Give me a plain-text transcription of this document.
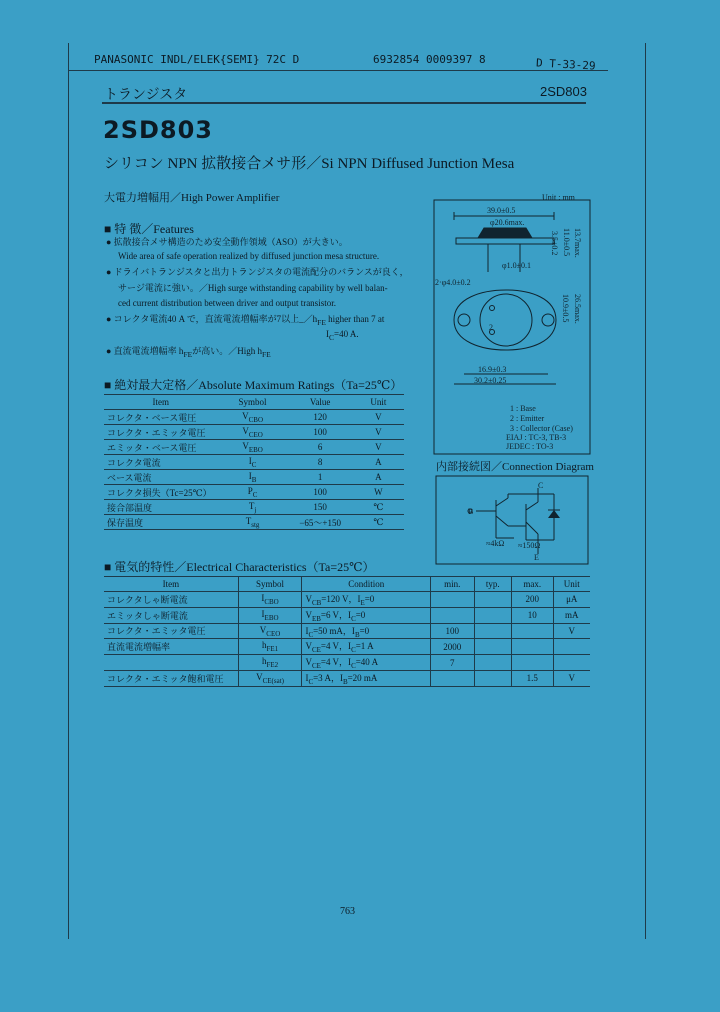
PANASONIC INDL/ELEK{SEMI} 72C D	6932854 0009397 8	D T-33-29
トランジスタ	2SD803
2SD803
シリコン NPN 拡散接合メサ形／Si NPN Diffused Junction Mesa
大電力増幅用／High Power Amplifier
■ 特 徴／Features
● 拡散接合メサ構造のため安全動作領域（ASO）が大きい。
Wide area of safe operation realized by diffused junction mesa structure.
● ドライバトランジスタと出力トランジスタの電流配分のバランスが良く，
サージ電流に強い。／High surge withstanding capability by well balan-
ced current distribution between driver and output transistor.
● コレクタ電流40 A で，直流電流増幅率が7以上$\_/h_{FE}$ higher than 7 at
$I_C=40$ A.
● 直流電流増幅率 $h_{FE}$が高い。／High $h_{FE}$
■ 絶対最大定格／Absolute Maximum Ratings（Ta=25℃）
Item	Symbol	Value	Unit
コレクタ・ベース電圧	$V_{CBO}$	120	V
コレクタ・エミッタ電圧	$V_{CEO}$	100	V
エミッタ・ベース電圧	$V_{EBO}$	6	V
コレクタ電流	$I_C$	8	A
ベース電流	$I_B$	1	A
コレクタ損失（Tc=25℃）	$P_C$	100	W
接合部温度	$T_j$	150	℃
保存温度	$T_{stg}$	−65～+150	℃
■ 電気的特性／Electrical Characteristics（Ta=25℃）
Item	Symbol	Condition	min.	typ.	max.	Unit
コレクタしゃ断電流	$I_{CBO}$	$V_{CB}=120$ V，$I_E=0$			200	μA
エミッタしゃ断電流	$I_{EBO}$	$V_{EB}=6$ V，$I_C=0$			10	mA
コレクタ・エミッタ電圧	$V_{CEO}$	$I_C=50$ mA，$I_B=0$	100			V
直流電流増幅率	$h_{FE1}$	$V_{CE}=4$ V，$I_C=1$ A	2000			
	$h_{FE2}$	$V_{CE}=4$ V，$I_C=40$ A	7			
コレクタ・エミッタ飽和電圧	$V_{CE(sat)}$	$I_C=3$ A，$I_B=20$ mA			1.5	V
Unit : mm
39.0±0.5
φ20.6max.
φ1.0±0.1
3.5±0.2 11.0±0.5 13.7max.
2
2·φ4.0±0.2
10.9±0.5 26.5max.
16.9±0.3
30.2±0.25
1 : Base
2 : Emitter
3 : Collector (Case)
EIAJ : TC-3, TB-3
JEDEC : TO-3
内部接続図／Connection Diagram
B
E
C
≈4kΩ ≈150Ω
763
